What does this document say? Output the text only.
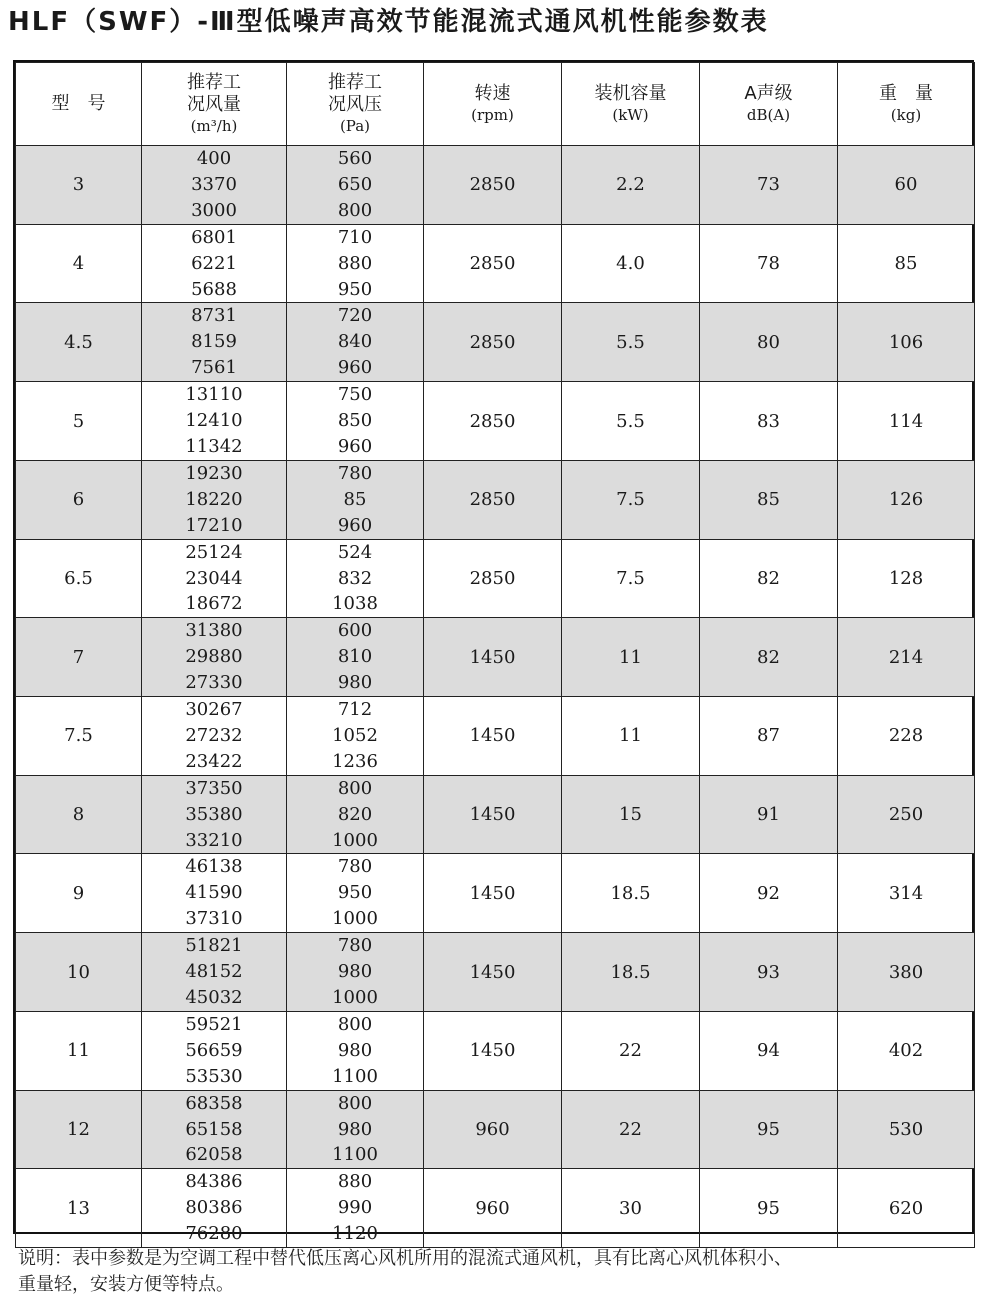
HLF（SWF）-Ⅲ型低噪声高效节能混流式通风机性能参数表
型　号	推荐工
况风量
(m³/h)	推荐工
况风压
(Pa)	转速
(rpm)	装机容量
(kW)	A声级
dB(A)	重　量
(kg)

3	400
3370
3000	560
650
800	2850	2.2	73	60
4	6801
6221
5688	710
880
950	2850	4.0	78	85
4.5	8731
8159
7561	720
840
960	2850	5.5	80	106
5	13110
12410
11342	750
850
960	2850	5.5	83	114
6	19230
18220
17210	780
85
960	2850	7.5	85	126
6.5	25124
23044
18672	524
832
1038	2850	7.5	82	128
7	31380
29880
27330	600
810
980	1450	11	82	214
7.5	30267
27232
23422	712
1052
1236	1450	11	87	228
8	37350
35380
33210	800
820
1000	1450	15	91	250
9	46138
41590
37310	780
950
1000	1450	18.5	92	314
10	51821
48152
45032	780
980
1000	1450	18.5	93	380
11	59521
56659
53530	800
980
1100	1450	22	94	402
12	68358
65158
62058	800
980
1100	960	22	95	530
13	84386
80386
76280	880
990
1120	960	30	95	620
说明：表中参数是为空调工程中替代低压离心风机所用的混流式通风机，具有比离心风机体积小、
重量轻，安装方便等特点。
